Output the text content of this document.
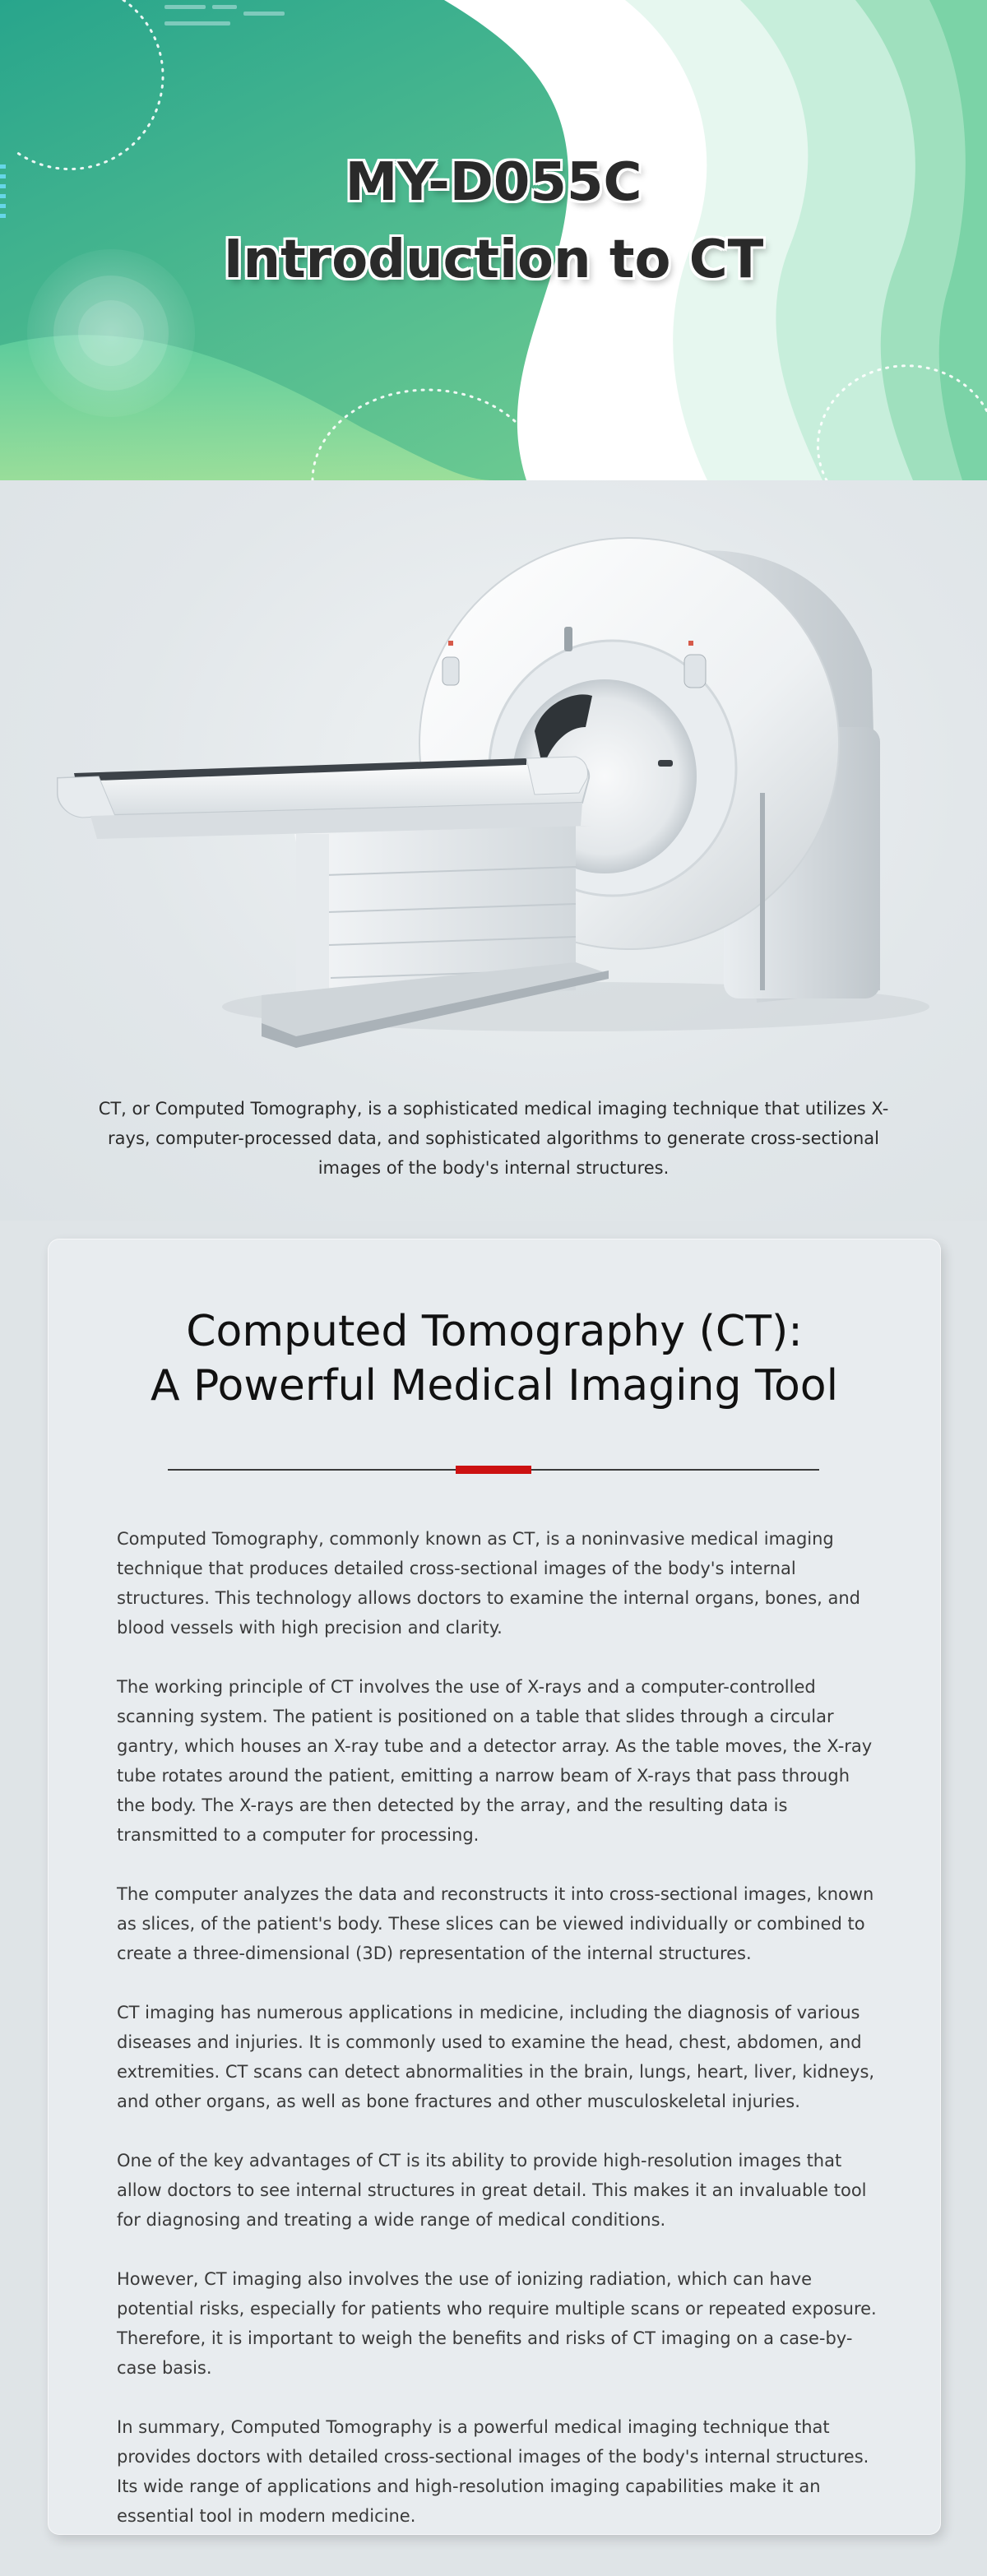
MY-D055C
Introduction to CT

CT, or Computed Tomography, is a sophisticated medical imaging technique that utilizes X-rays, computer-processed data, and sophisticated algorithms to generate cross-sectional images of the body's internal structures.

Computed Tomography (CT):
A Powerful Medical Imaging Tool

Computed Tomography, commonly known as CT, is a noninvasive medical imaging technique that produces detailed cross-sectional images of the body's internal structures. This technology allows doctors to examine the internal organs, bones, and blood vessels with high precision and clarity.

The working principle of CT involves the use of X-rays and a computer-controlled scanning system. The patient is positioned on a table that slides through a circular gantry, which houses an X-ray tube and a detector array. As the table moves, the X-ray tube rotates around the patient, emitting a narrow beam of X-rays that pass through the body. The X-rays are then detected by the array, and the resulting data is transmitted to a computer for processing.

The computer analyzes the data and reconstructs it into cross-sectional images, known as slices, of the patient's body. These slices can be viewed individually or combined to create a three-dimensional (3D) representation of the internal structures.

CT imaging has numerous applications in medicine, including the diagnosis of various diseases and injuries. It is commonly used to examine the head, chest, abdomen, and extremities. CT scans can detect abnormalities in the brain, lungs, heart, liver, kidneys, and other organs, as well as bone fractures and other musculoskeletal injuries.

One of the key advantages of CT is its ability to provide high-resolution images that allow doctors to see internal structures in great detail. This makes it an invaluable tool for diagnosing and treating a wide range of medical conditions.

However, CT imaging also involves the use of ionizing radiation, which can have potential risks, especially for patients who require multiple scans or repeated exposure. Therefore, it is important to weigh the benefits and risks of CT imaging on a case-by-case basis.

In summary, Computed Tomography is a powerful medical imaging technique that provides doctors with detailed cross-sectional images of the body's internal structures. Its wide range of applications and high-resolution imaging capabilities make it an essential tool in modern medicine.
